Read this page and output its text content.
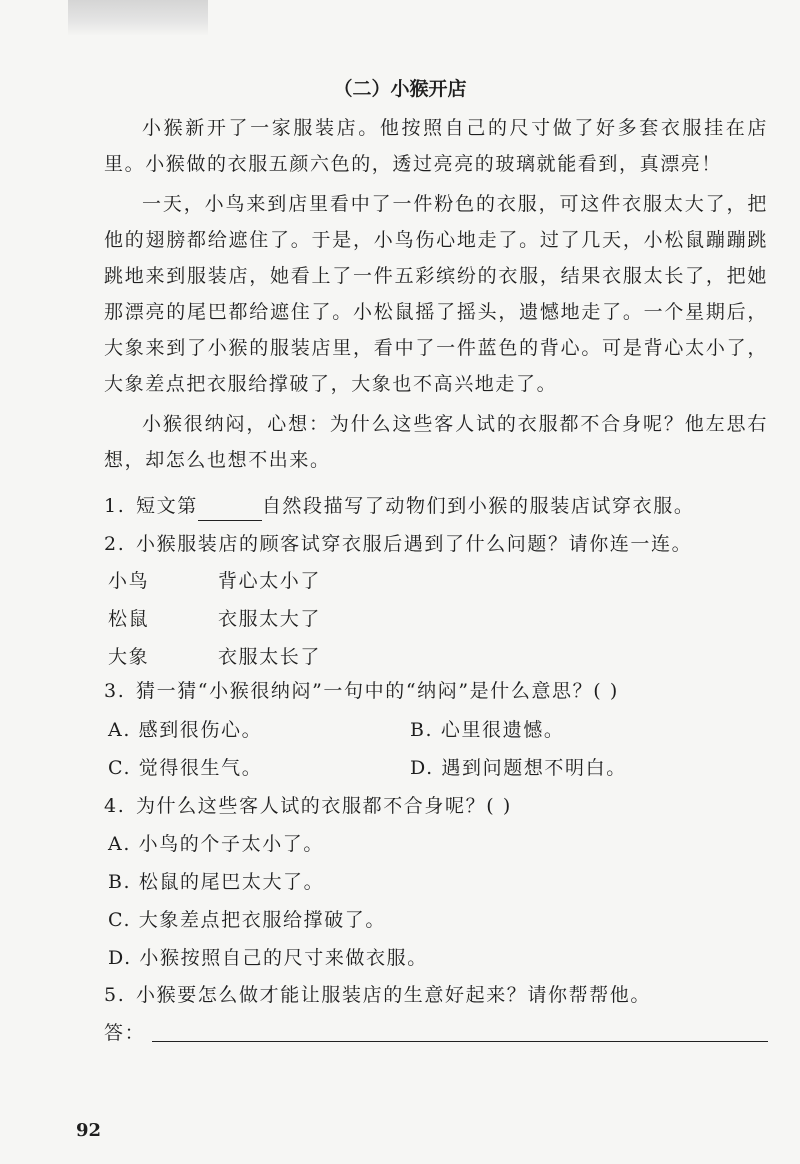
（二）小猴开店
小猴新开了一家服装店。他按照自己的尺寸做了好多套衣服挂在店里。小猴做的衣服五颜六色的，透过亮亮的玻璃就能看到，真漂亮！
一天，小鸟来到店里看中了一件粉色的衣服，可这件衣服太大了，把他的翅膀都给遮住了。于是，小鸟伤心地走了。过了几天，小松鼠蹦蹦跳跳地来到服装店，她看上了一件五彩缤纷的衣服，结果衣服太长了，把她那漂亮的尾巴都给遮住了。小松鼠摇了摇头，遗憾地走了。一个星期后，大象来到了小猴的服装店里，看中了一件蓝色的背心。可是背心太小了，大象差点把衣服给撑破了，大象也不高兴地走了。
小猴很纳闷，心想：为什么这些客人试的衣服都不合身呢？他左思右想，却怎么也想不出来。
1. 短文第	自然段描写了动物们到小猴的服装店试穿衣服。
2. 小猴服装店的顾客试穿衣服后遇到了什么问题？请你连一连。
小鸟	背心太小了
松鼠	衣服太大了
大象	衣服太长了
3. 猜一猜“小猴很纳闷”一句中的“纳闷”是什么意思？( )
A. 感到很伤心。	B. 心里很遗憾。
C. 觉得很生气。	D. 遇到问题想不明白。
4. 为什么这些客人试的衣服都不合身呢？( )
A. 小鸟的个子太小了。
B. 松鼠的尾巴太大了。
C. 大象差点把衣服给撑破了。
D. 小猴按照自己的尺寸来做衣服。
5. 小猴要怎么做才能让服装店的生意好起来？请你帮帮他。
答：
92
